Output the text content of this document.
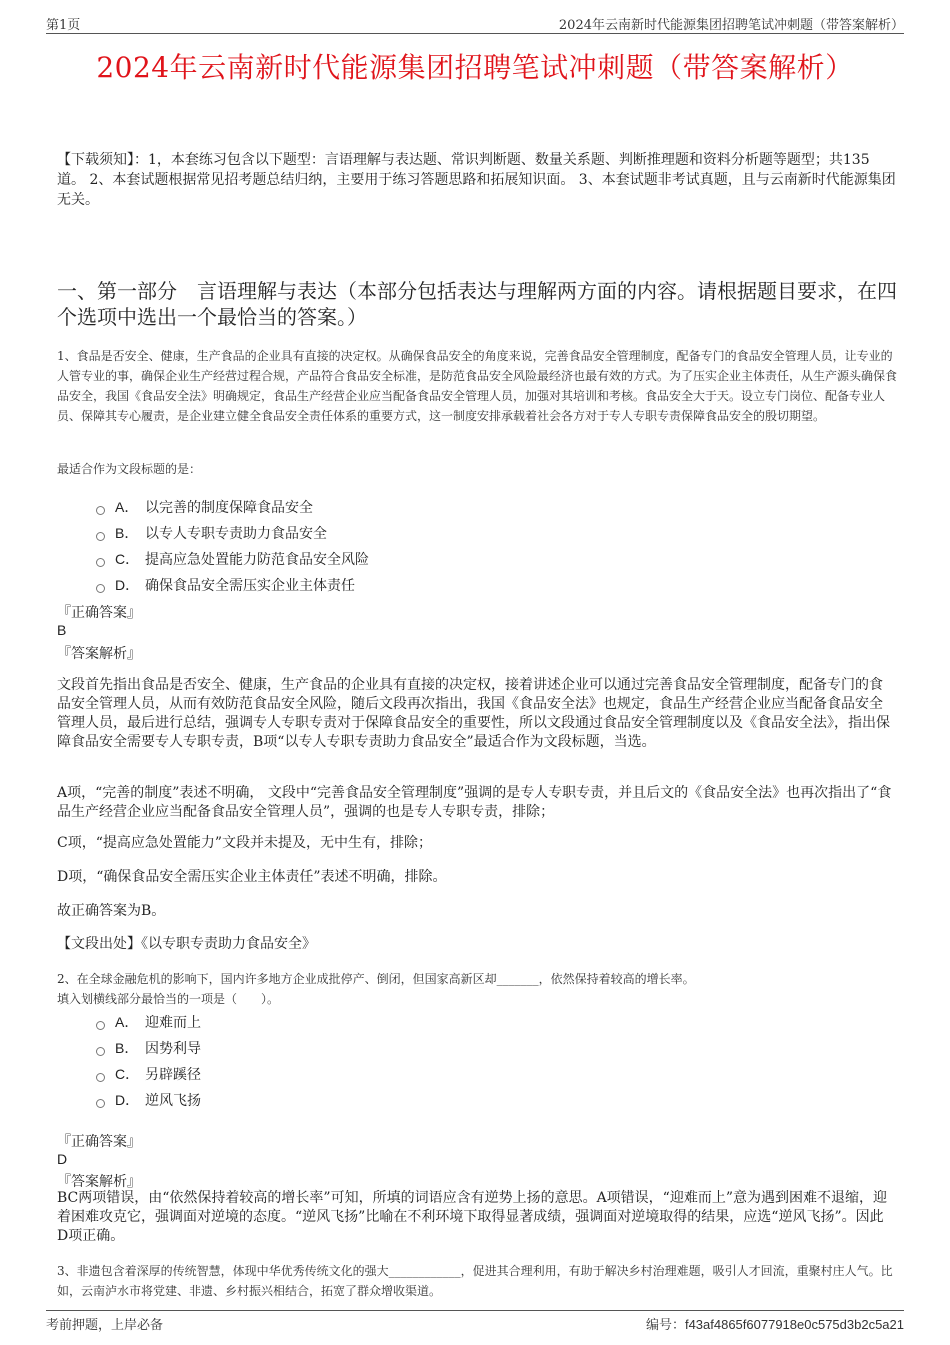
第1页	2024年云南新时代能源集团招聘笔试冲刺题（带答案解析）
2024年云南新时代能源集团招聘笔试冲刺题（带答案解析）
【下载须知】：1，本套练习包含以下题型：言语理解与表达题、常识判断题、数量关系题、判断推理题和资料分析题等题型；共135道。 2、本套试题根据常见招考题总结归纳，主要用于练习答题思路和拓展知识面。 3、本套试题非考试真题，且与云南新时代能源集团无关。
一、第一部分　言语理解与表达（本部分包括表达与理解两方面的内容。请根据题目要求，在四个选项中选出一个最恰当的答案。）
1、食品是否安全、健康，生产食品的企业具有直接的决定权。从确保食品安全的角度来说，完善食品安全管理制度，配备专门的食品安全管理人员，让专业的人管专业的事，确保企业生产经营过程合规，产品符合食品安全标准，是防范食品安全风险最经济也最有效的方式。为了压实企业主体责任，从生产源头确保食品安全，我国《食品安全法》明确规定，食品生产经营企业应当配备食品安全管理人员，加强对其培训和考核。食品安全大于天。设立专门岗位、配备专业人员、保障其专心履责，是企业建立健全食品安全责任体系的重要方式，这一制度安排承载着社会各方对于专人专职专责保障食品安全的殷切期望。
最适合作为文段标题的是：
A． 以完善的制度保障食品安全
B． 以专人专职专责助力食品安全
C． 提高应急处置能力防范食品安全风险
D． 确保食品安全需压实企业主体责任
『正确答案』
B
『答案解析』
文段首先指出食品是否安全、健康，生产食品的企业具有直接的决定权，接着讲述企业可以通过完善食品安全管理制度，配备专门的食品安全管理人员，从而有效防范食品安全风险，随后文段再次指出，我国《食品安全法》也规定，食品生产经营企业应当配备食品安全管理人员，最后进行总结，强调专人专职专责对于保障食品安全的重要性，所以文段通过食品安全管理制度以及《食品安全法》，指出保障食品安全需要专人专职专责，B项“以专人专职专责助力食品安全”最适合作为文段标题，当选。
A项，“完善的制度”表述不明确， 文段中“完善食品安全管理制度”强调的是专人专职专责，并且后文的《食品安全法》也再次指出了“食品生产经营企业应当配备食品安全管理人员”，强调的也是专人专职专责，排除；
C项，“提高应急处置能力”文段并未提及，无中生有，排除；
D项，“确保食品安全需压实企业主体责任”表述不明确，排除。
故正确答案为B。
【文段出处】《以专职专责助力食品安全》
2、在全球金融危机的影响下，国内许多地方企业成批停产、倒闭，但国家高新区却_______，依然保持着较高的增长率。
填入划横线部分最恰当的一项是（　　）。
A． 迎难而上
B． 因势利导
C． 另辟蹊径
D． 逆风飞扬
『正确答案』
D
『答案解析』
BC两项错误，由“依然保持着较高的增长率”可知，所填的词语应含有逆势上扬的意思。A项错误，“迎难而上”意为遇到困难不退缩，迎着困难攻克它，强调面对逆境的态度。“逆风飞扬”比喻在不利环境下取得显著成绩，强调面对逆境取得的结果，应选“逆风飞扬”。因此D项正确。
3、非遗包含着深厚的传统智慧，体现中华优秀传统文化的强大____________，促进其合理利用，有助于解决乡村治理难题，吸引人才回流，重聚村庄人气。比如，云南泸水市将党建、非遗、乡村振兴相结合，拓宽了群众增收渠道。
考前押题，上岸必备	编号：f43af4865f6077918e0c575d3b2c5a21
